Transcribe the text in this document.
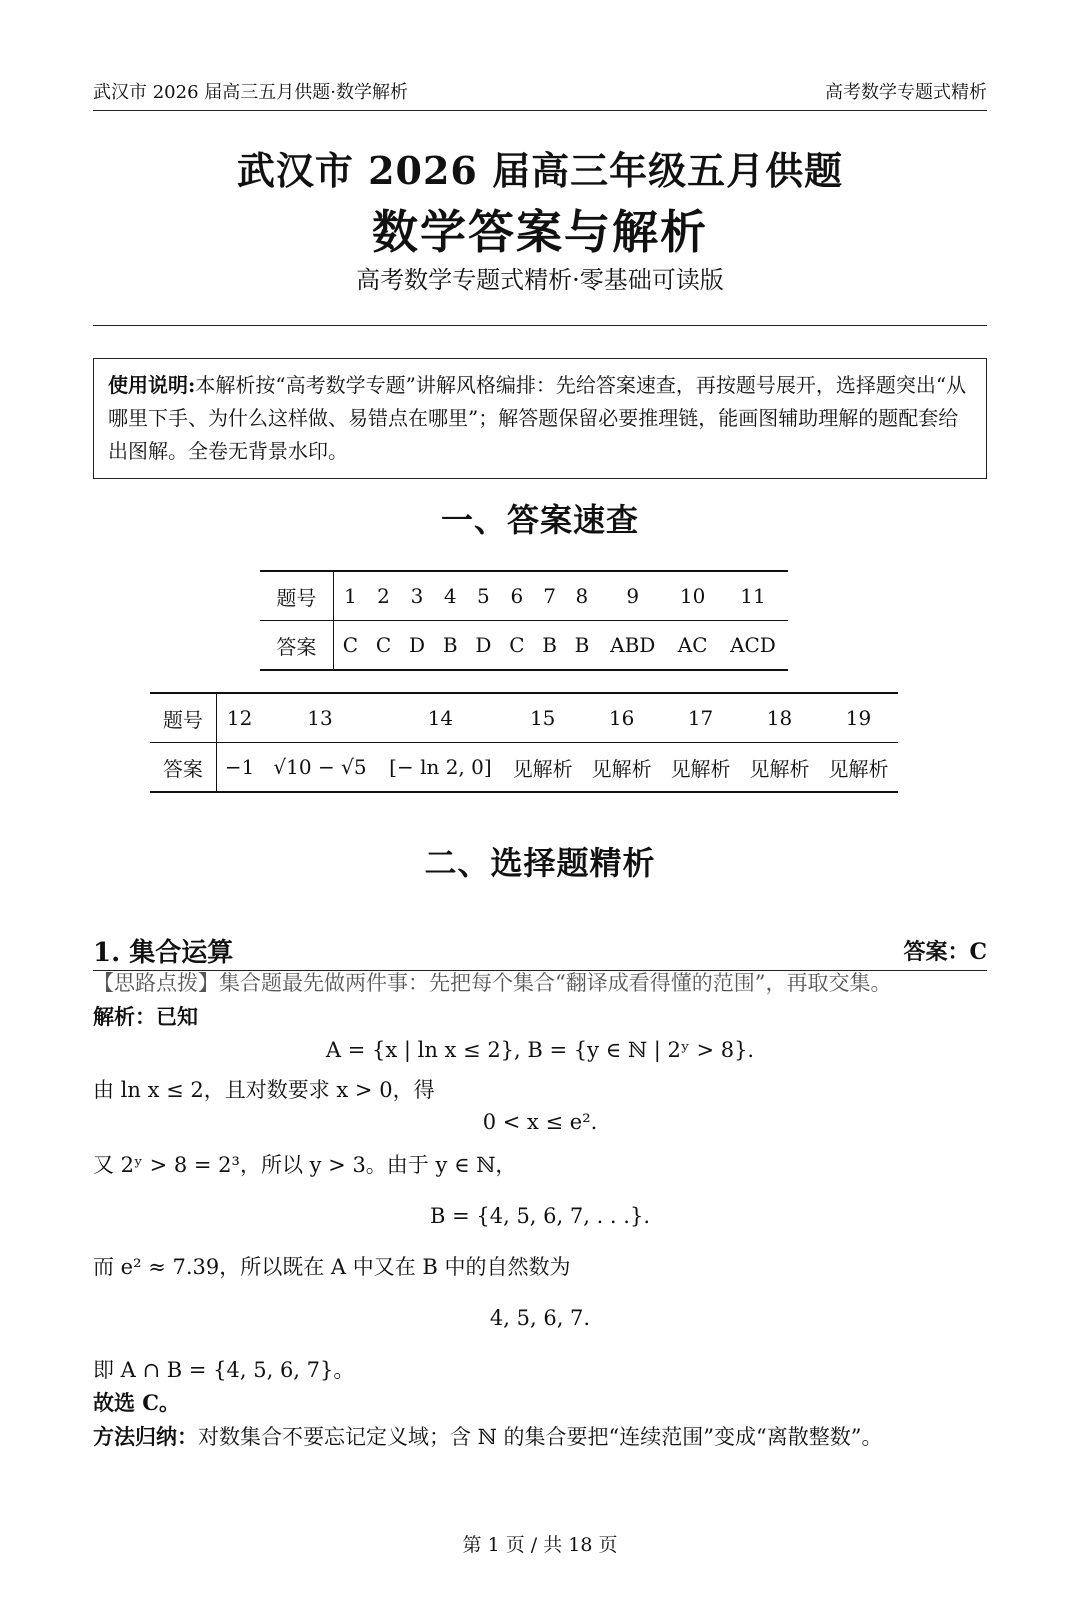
武汉市 2026 届高三五月供题·数学解析	高考数学专题式精析
武汉市 2026 届高三年级五月供题
数学答案与解析
高考数学专题式精析·零基础可读版
使用说明:本解析按“高考数学专题”讲解风格编排：先给答案速查，再按题号展开，选择题突出“从哪里下手、为什么这样做、易错点在哪里”；解答题保留必要推理链，能画图辅助理解的题配套给出图解。全卷无背景水印。
一、答案速查
题号	1	2	3	4	5	6	7	8	9	10	11
答案	C	C	D	B	D	C	B	B	ABD	AC	ACD
题号	12	13	14	15	16	17	18	19
答案	−1	√10 − √5	[− ln 2, 0]	见解析	见解析	见解析	见解析	见解析
二、选择题精析
1. 集合运算	答案：C
【思路点拨】集合题最先做两件事：先把每个集合“翻译成看得懂的范围”，再取交集。
解析：已知
A = {x | ln x ≤ 2}, B = {y ∈ ℕ | 2ʸ > 8}.
由 ln x ≤ 2，且对数要求 x > 0，得
0 < x ≤ e².
又 2ʸ > 8 = 2³，所以 y > 3。由于 y ∈ ℕ，
B = {4, 5, 6, 7, . . .}.
而 e² ≈ 7.39，所以既在 A 中又在 B 中的自然数为
4, 5, 6, 7.
即 A ∩ B = {4, 5, 6, 7}。
故选 C。
方法归纳：对数集合不要忘记定义域；含 ℕ 的集合要把“连续范围”变成“离散整数”。
第 1 页 / 共 18 页
